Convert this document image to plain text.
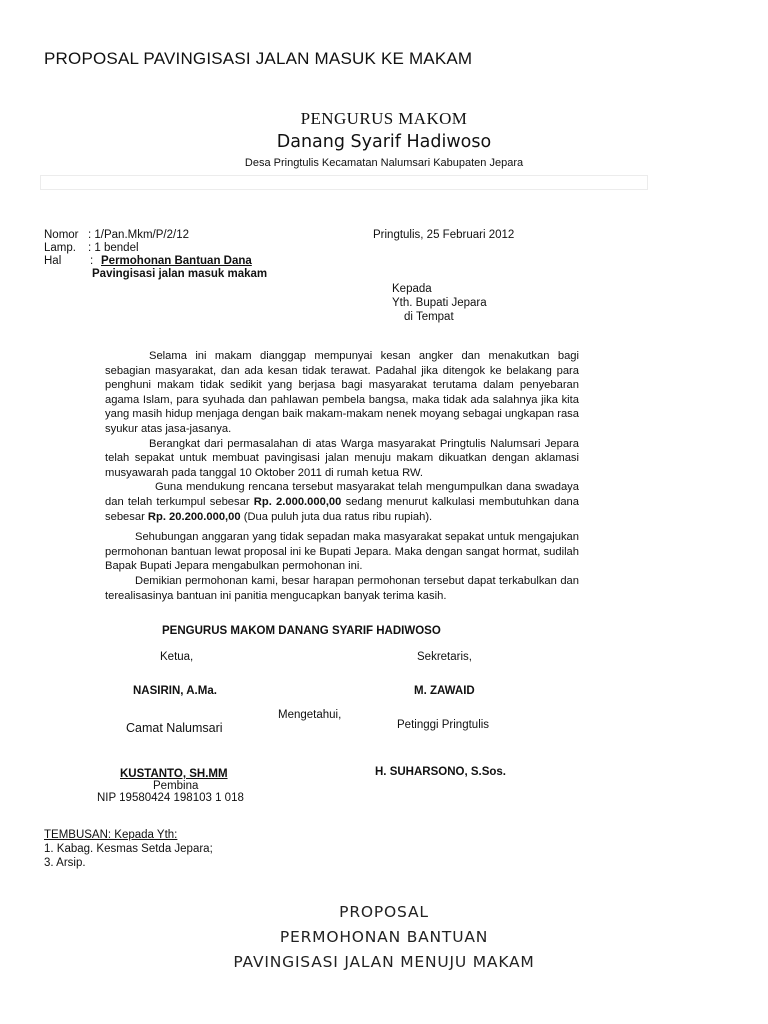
PROPOSAL PAVINGISASI JALAN MASUK KE MAKAM
PENGURUS MAKOM
Danang Syarif Hadiwoso
Desa Pringtulis Kecamatan Nalumsari Kabupaten Jepara
Nomor : 1/Pan.Mkm/P/2/12
Lamp.	: 1 bendel
Hal	: Permohonan Bantuan Dana
Pavingisasi jalan masuk makam
Pringtulis, 25 Februari 2012
Kepada
Yth. Bupati Jepara
di Tempat

Selama ini makam dianggap mempunyai kesan angker dan menakutkan bagi sebagian masyarakat, dan ada kesan tidak terawat. Padahal jika ditengok ke belakang para penghuni makam tidak sedikit yang berjasa bagi masyarakat terutama dalam penyebaran agama Islam, para syuhada dan pahlawan pembela bangsa, maka tidak ada salahnya jika kita yang masih hidup menjaga dengan baik makam-makam nenek moyang sebagai ungkapan rasa syukur atas jasa-jasanya.

Berangkat dari permasalahan di atas Warga masyarakat Pringtulis Nalumsari Jepara telah sepakat untuk membuat pavingisasi jalan menuju makam dikuatkan dengan aklamasi musyawarah pada tanggal 10 Oktober 2011 di rumah ketua RW.

Guna mendukung rencana tersebut masyarakat telah mengumpulkan dana swadaya dan telah terkumpul sebesar Rp. 2.000.000,00 sedang menurut kalkulasi membutuhkan dana sebesar Rp. 20.200.000,00 (Dua puluh juta dua ratus ribu rupiah).

Sehubungan anggaran yang tidak sepadan maka masyarakat sepakat untuk mengajukan permohonan bantuan lewat proposal ini ke Bupati Jepara. Maka dengan sangat hormat, sudilah Bapak Bupati Jepara mengabulkan permohonan ini.

Demikian permohonan kami, besar harapan permohonan tersebut dapat terkabulkan dan terealisasinya bantuan ini panitia mengucapkan banyak terima kasih.

PENGURUS MAKOM DANANG SYARIF HADIWOSO
Ketua,	Sekretaris,
NASIRIN, A.Ma.	M. ZAWAID
Mengetahui,
Camat Nalumsari	Petinggi Pringtulis
KUSTANTO, SH.MM	H. SUHARSONO, S.Sos.
Pembina
NIP 19580424 198103 1 018
TEMBUSAN: Kepada Yth:
1. Kabag. Kesmas Setda Jepara;
3. Arsip.
PROPOSAL
PERMOHONAN BANTUAN
PAVINGISASI JALAN MENUJU MAKAM
